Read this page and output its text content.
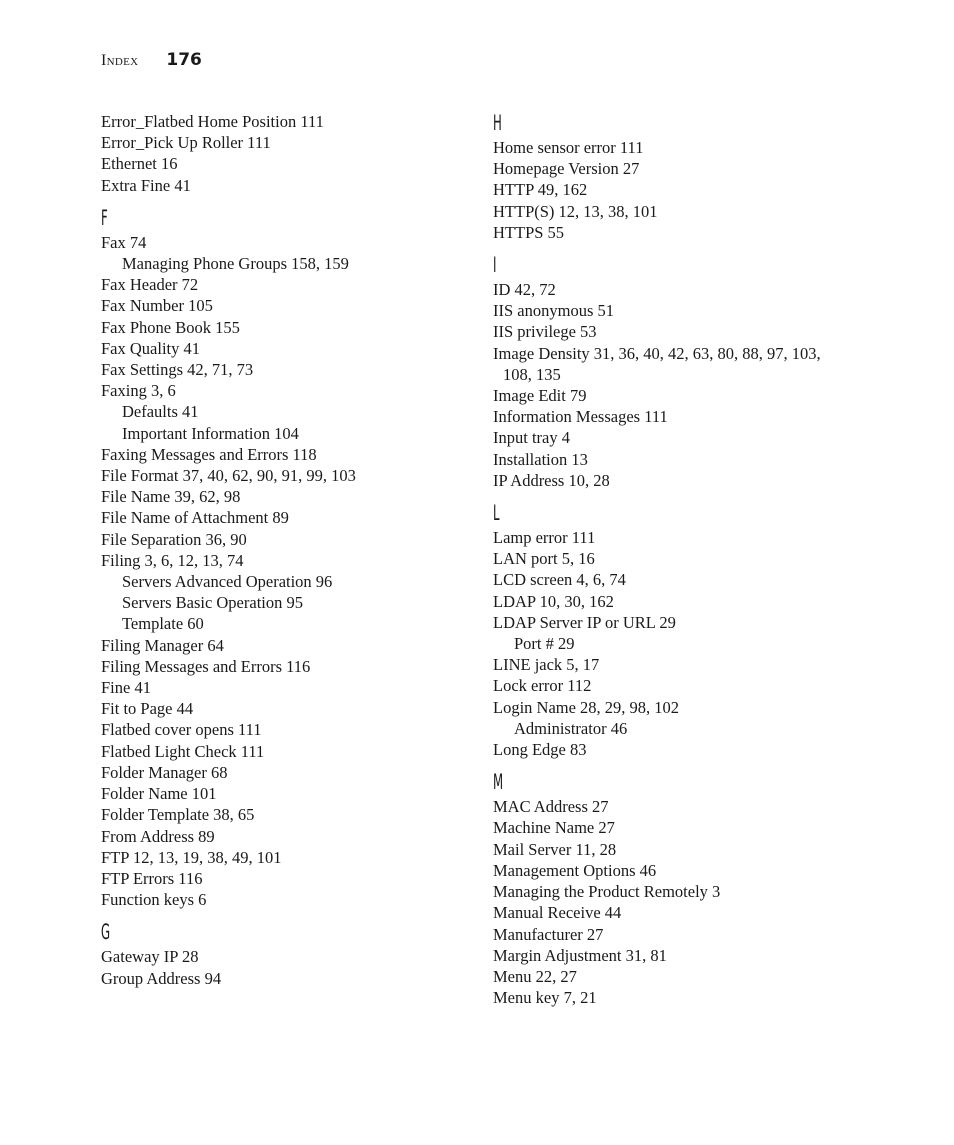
Index 176
Error_Flatbed Home Position 111
Error_Pick Up Roller 111
Ethernet 16
Extra Fine 41
F
Fax 74
Managing Phone Groups 158, 159
Fax Header 72
Fax Number 105
Fax Phone Book 155
Fax Quality 41
Fax Settings 42, 71, 73
Faxing 3, 6
Defaults 41
Important Information 104
Faxing Messages and Errors 118
File Format 37, 40, 62, 90, 91, 99, 103
File Name 39, 62, 98
File Name of Attachment 89
File Separation 36, 90
Filing 3, 6, 12, 13, 74
Servers Advanced Operation 96
Servers Basic Operation 95
Template 60
Filing Manager 64
Filing Messages and Errors 116
Fine 41
Fit to Page 44
Flatbed cover opens 111
Flatbed Light Check 111
Folder Manager 68
Folder Name 101
Folder Template 38, 65
From Address 89
FTP 12, 13, 19, 38, 49, 101
FTP Errors 116
Function keys 6
G
Gateway IP 28
Group Address 94
H
Home sensor error 111
Homepage Version 27
HTTP 49, 162
HTTP(S) 12, 13, 38, 101
HTTPS 55
I
ID 42, 72
IIS anonymous 51
IIS privilege 53
Image Density 31, 36, 40, 42, 63, 80, 88, 97, 103,
108, 135
Image Edit 79
Information Messages 111
Input tray 4
Installation 13
IP Address 10, 28
L
Lamp error 111
LAN port 5, 16
LCD screen 4, 6, 74
LDAP 10, 30, 162
LDAP Server IP or URL 29
Port # 29
LINE jack 5, 17
Lock error 112
Login Name 28, 29, 98, 102
Administrator 46
Long Edge 83
M
MAC Address 27
Machine Name 27
Mail Server 11, 28
Management Options 46
Managing the Product Remotely 3
Manual Receive 44
Manufacturer 27
Margin Adjustment 31, 81
Menu 22, 27
Menu key 7, 21
